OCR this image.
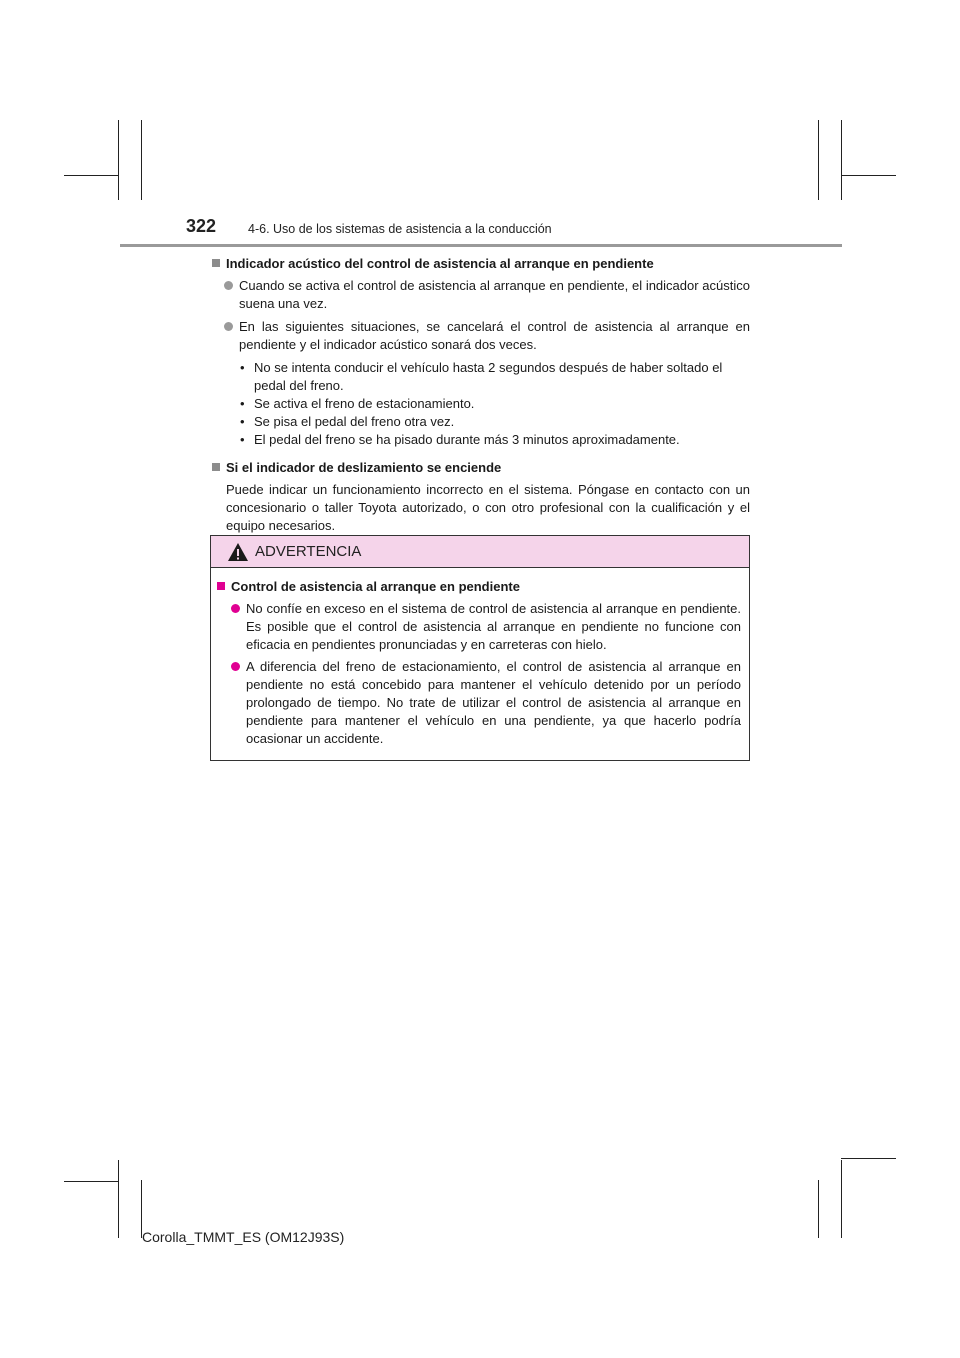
322	4-6. Uso de los sistemas de asistencia a la conducción
Indicador acústico del control de asistencia al arranque en pendiente
Cuando se activa el control de asistencia al arranque en pendiente, el indicador acústico suena una vez.
En las siguientes situaciones, se cancelará el control de asistencia al arranque en pendiente y el indicador acústico sonará dos veces.
• No se intenta conducir el vehículo hasta 2 segundos después de haber soltado el pedal del freno.
• Se activa el freno de estacionamiento.
• Se pisa el pedal del freno otra vez.
• El pedal del freno se ha pisado durante más 3 minutos aproximadamente.
Si el indicador de deslizamiento se enciende

Puede indicar un funcionamiento incorrecto en el sistema. Póngase en contacto con un concesionario o taller Toyota autorizado, o con otro profesional con la cualificación y el equipo necesarios.

ADVERTENCIA
Control de asistencia al arranque en pendiente
No confíe en exceso en el sistema de control de asistencia al arranque en pendiente. Es posible que el control de asistencia al arranque en pendiente no funcione con eficacia en pendientes pronunciadas y en carreteras con hielo.
A diferencia del freno de estacionamiento, el control de asistencia al arranque en pendiente no está concebido para mantener el vehículo detenido por un período prolongado de tiempo. No trate de utilizar el control de asistencia al arranque en pendiente para mantener el vehículo en una pendiente, ya que hacerlo podría ocasionar un accidente.
Corolla_TMMT_ES (OM12J93S)
